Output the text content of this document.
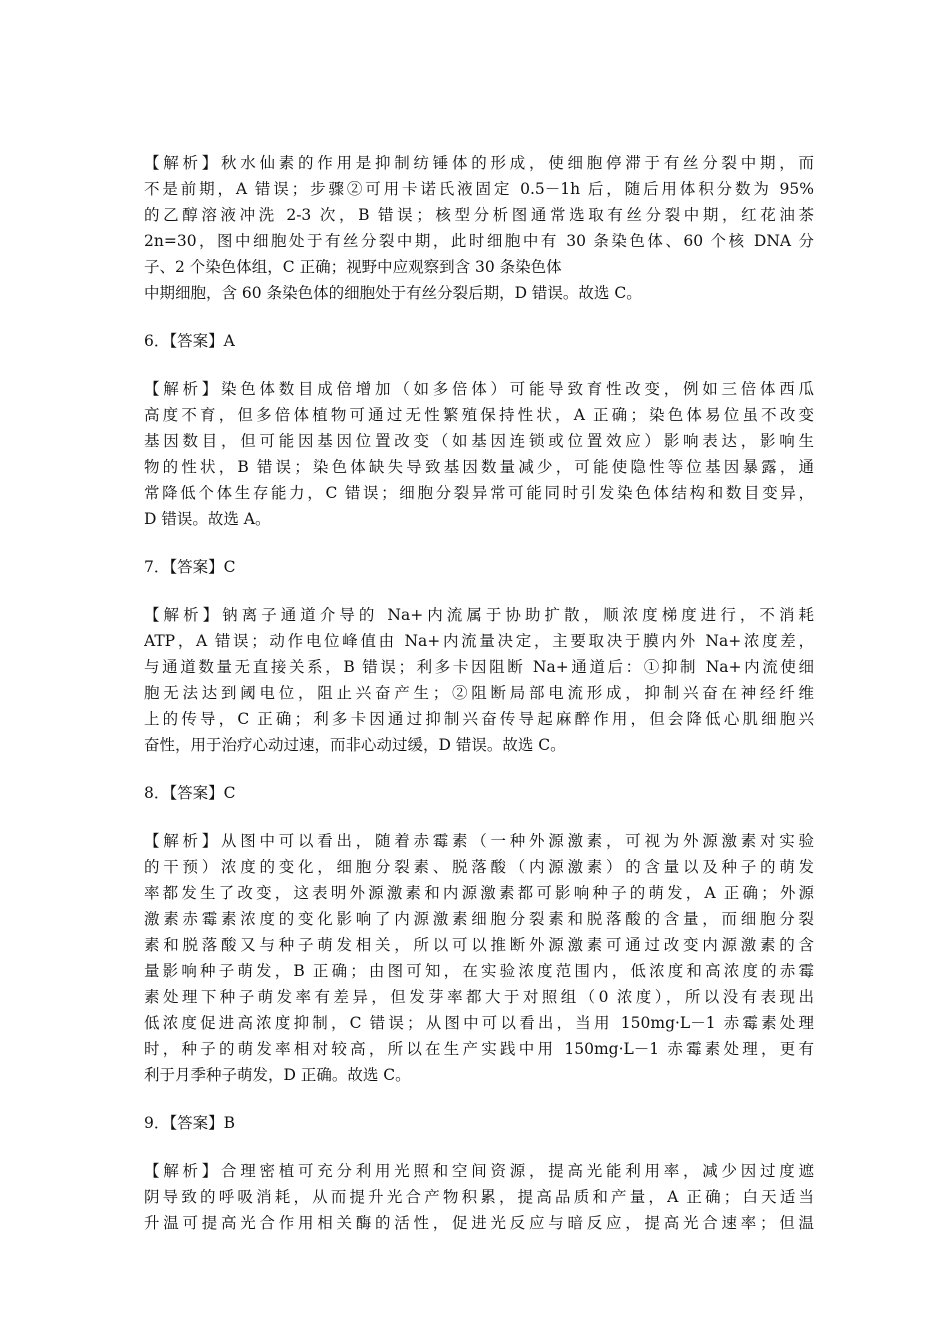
【解析】秋水仙素的作用是抑制纺锤体的形成，使细胞停滞于有丝分裂中期，而
不是前期，A 错误；步骤②可用卡诺氏液固定 0.5－1h 后，随后用体积分数为 95%
的乙醇溶液冲洗 2-3 次，B 错误；核型分析图通常选取有丝分裂中期，红花油茶
2n=30，图中细胞处于有丝分裂中期，此时细胞中有 30 条染色体、60 个核 DNA 分
子、2 个染色体组，C 正确；视野中应观察到含 30 条染色体
中期细胞，含 60 条染色体的细胞处于有丝分裂后期，D 错误。故选 C。
6．【答案】A
【解析】染色体数目成倍增加（如多倍体）可能导致育性改变，例如三倍体西瓜
高度不育，但多倍体植物可通过无性繁殖保持性状，A 正确；染色体易位虽不改变
基因数目，但可能因基因位置改变（如基因连锁或位置效应）影响表达，影响生
物的性状，B 错误；染色体缺失导致基因数量减少，可能使隐性等位基因暴露，通
常降低个体生存能力，C 错误；细胞分裂异常可能同时引发染色体结构和数目变异，
D 错误。故选 A。
7．【答案】C
【解析】钠离子通道介导的 Na+内流属于协助扩散，顺浓度梯度进行，不消耗
ATP，A 错误；动作电位峰值由 Na+内流量决定，主要取决于膜内外 Na+浓度差，
与通道数量无直接关系，B 错误；利多卡因阻断 Na+通道后：①抑制 Na+内流使细
胞无法达到阈电位，阻止兴奋产生；②阻断局部电流形成，抑制兴奋在神经纤维
上的传导，C 正确；利多卡因通过抑制兴奋传导起麻醉作用，但会降低心肌细胞兴
奋性，用于治疗心动过速，而非心动过缓，D 错误。故选 C。
8．【答案】C
【解析】从图中可以看出，随着赤霉素（一种外源激素，可视为外源激素对实验
的干预）浓度的变化，细胞分裂素、脱落酸（内源激素）的含量以及种子的萌发
率都发生了改变，这表明外源激素和内源激素都可影响种子的萌发，A 正确；外源
激素赤霉素浓度的变化影响了内源激素细胞分裂素和脱落酸的含量，而细胞分裂
素和脱落酸又与种子萌发相关，所以可以推断外源激素可通过改变内源激素的含
量影响种子萌发，B 正确；由图可知，在实验浓度范围内，低浓度和高浓度的赤霉
素处理下种子萌发率有差异，但发芽率都大于对照组（0 浓度），所以没有表现出
低浓度促进高浓度抑制，C 错误；从图中可以看出，当用 150mg·L－1 赤霉素处理
时，种子的萌发率相对较高，所以在生产实践中用 150mg·L－1 赤霉素处理，更有
利于月季种子萌发，D 正确。故选 C。
9．【答案】B
【解析】合理密植可充分利用光照和空间资源，提高光能利用率，减少因过度遮
阴导致的呼吸消耗，从而提升光合产物积累，提高品质和产量，A 正确；白天适当
升温可提高光合作用相关酶的活性，促进光反应与暗反应，提高光合速率；但温
